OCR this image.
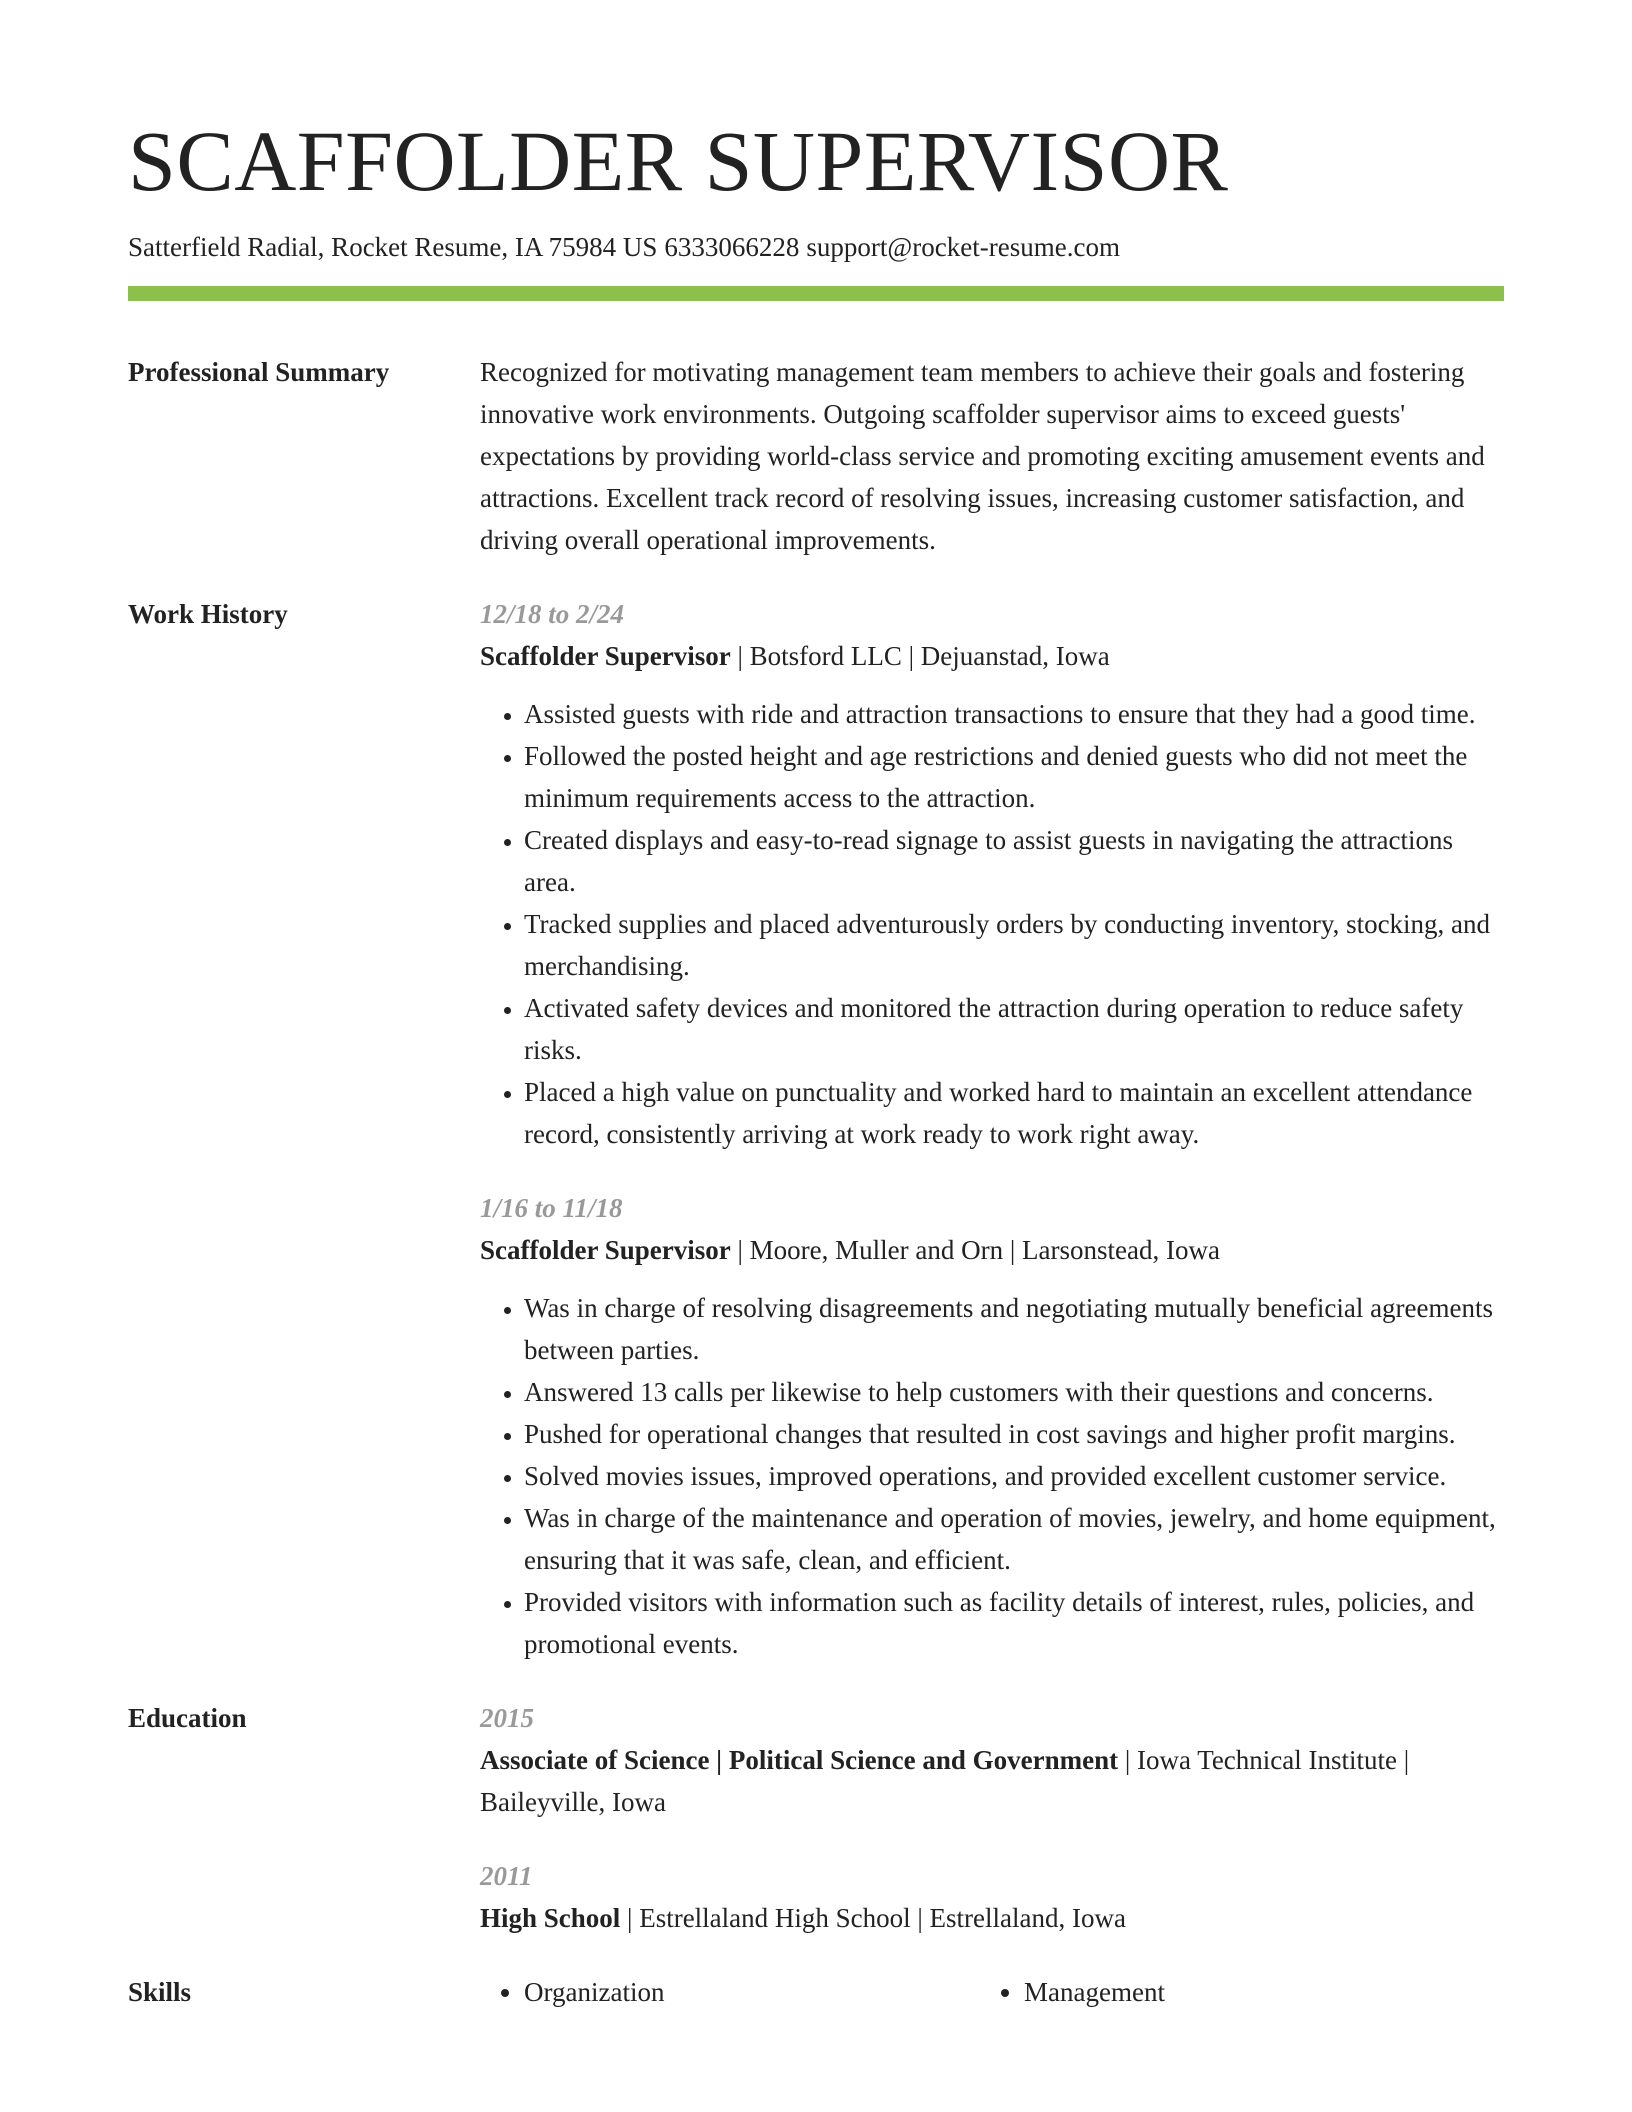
SCAFFOLDER SUPERVISOR
Satterfield Radial, Rocket Resume, IA 75984 US 6333066228 support@rocket-resume.com
Professional Summary	Recognized for motivating management team members to achieve their goals and fostering innovative work environments. Outgoing scaffolder supervisor aims to exceed guests' expectations by providing world-class service and promoting exciting amusement events and attractions. Excellent track record of resolving issues, increasing customer satisfaction, and driving overall operational improvements.

Work History	12/18 to 2/24
Scaffolder Supervisor | Botsford LLC | Dejuanstad, Iowa
• Assisted guests with ride and attraction transactions to ensure that they had a good time.
• Followed the posted height and age restrictions and denied guests who did not meet the minimum requirements access to the attraction.
• Created displays and easy-to-read signage to assist guests in navigating the attractions area.
• Tracked supplies and placed adventurously orders by conducting inventory, stocking, and merchandising.
• Activated safety devices and monitored the attraction during operation to reduce safety risks.
• Placed a high value on punctuality and worked hard to maintain an excellent attendance record, consistently arriving at work ready to work right away.
1/16 to 11/18
Scaffolder Supervisor | Moore, Muller and Orn | Larsonstead, Iowa
• Was in charge of resolving disagreements and negotiating mutually beneficial agreements between parties.
• Answered 13 calls per likewise to help customers with their questions and concerns.
• Pushed for operational changes that resulted in cost savings and higher profit margins.
• Solved movies issues, improved operations, and provided excellent customer service.
• Was in charge of the maintenance and operation of movies, jewelry, and home equipment, ensuring that it was safe, clean, and efficient.
• Provided visitors with information such as facility details of interest, rules, policies, and promotional events.
Education	2015
Associate of Science | Political Science and Government | Iowa Technical Institute | Baileyville, Iowa
2011
High School | Estrellaland High School | Estrellaland, Iowa
Skills	• Organization	• Management
